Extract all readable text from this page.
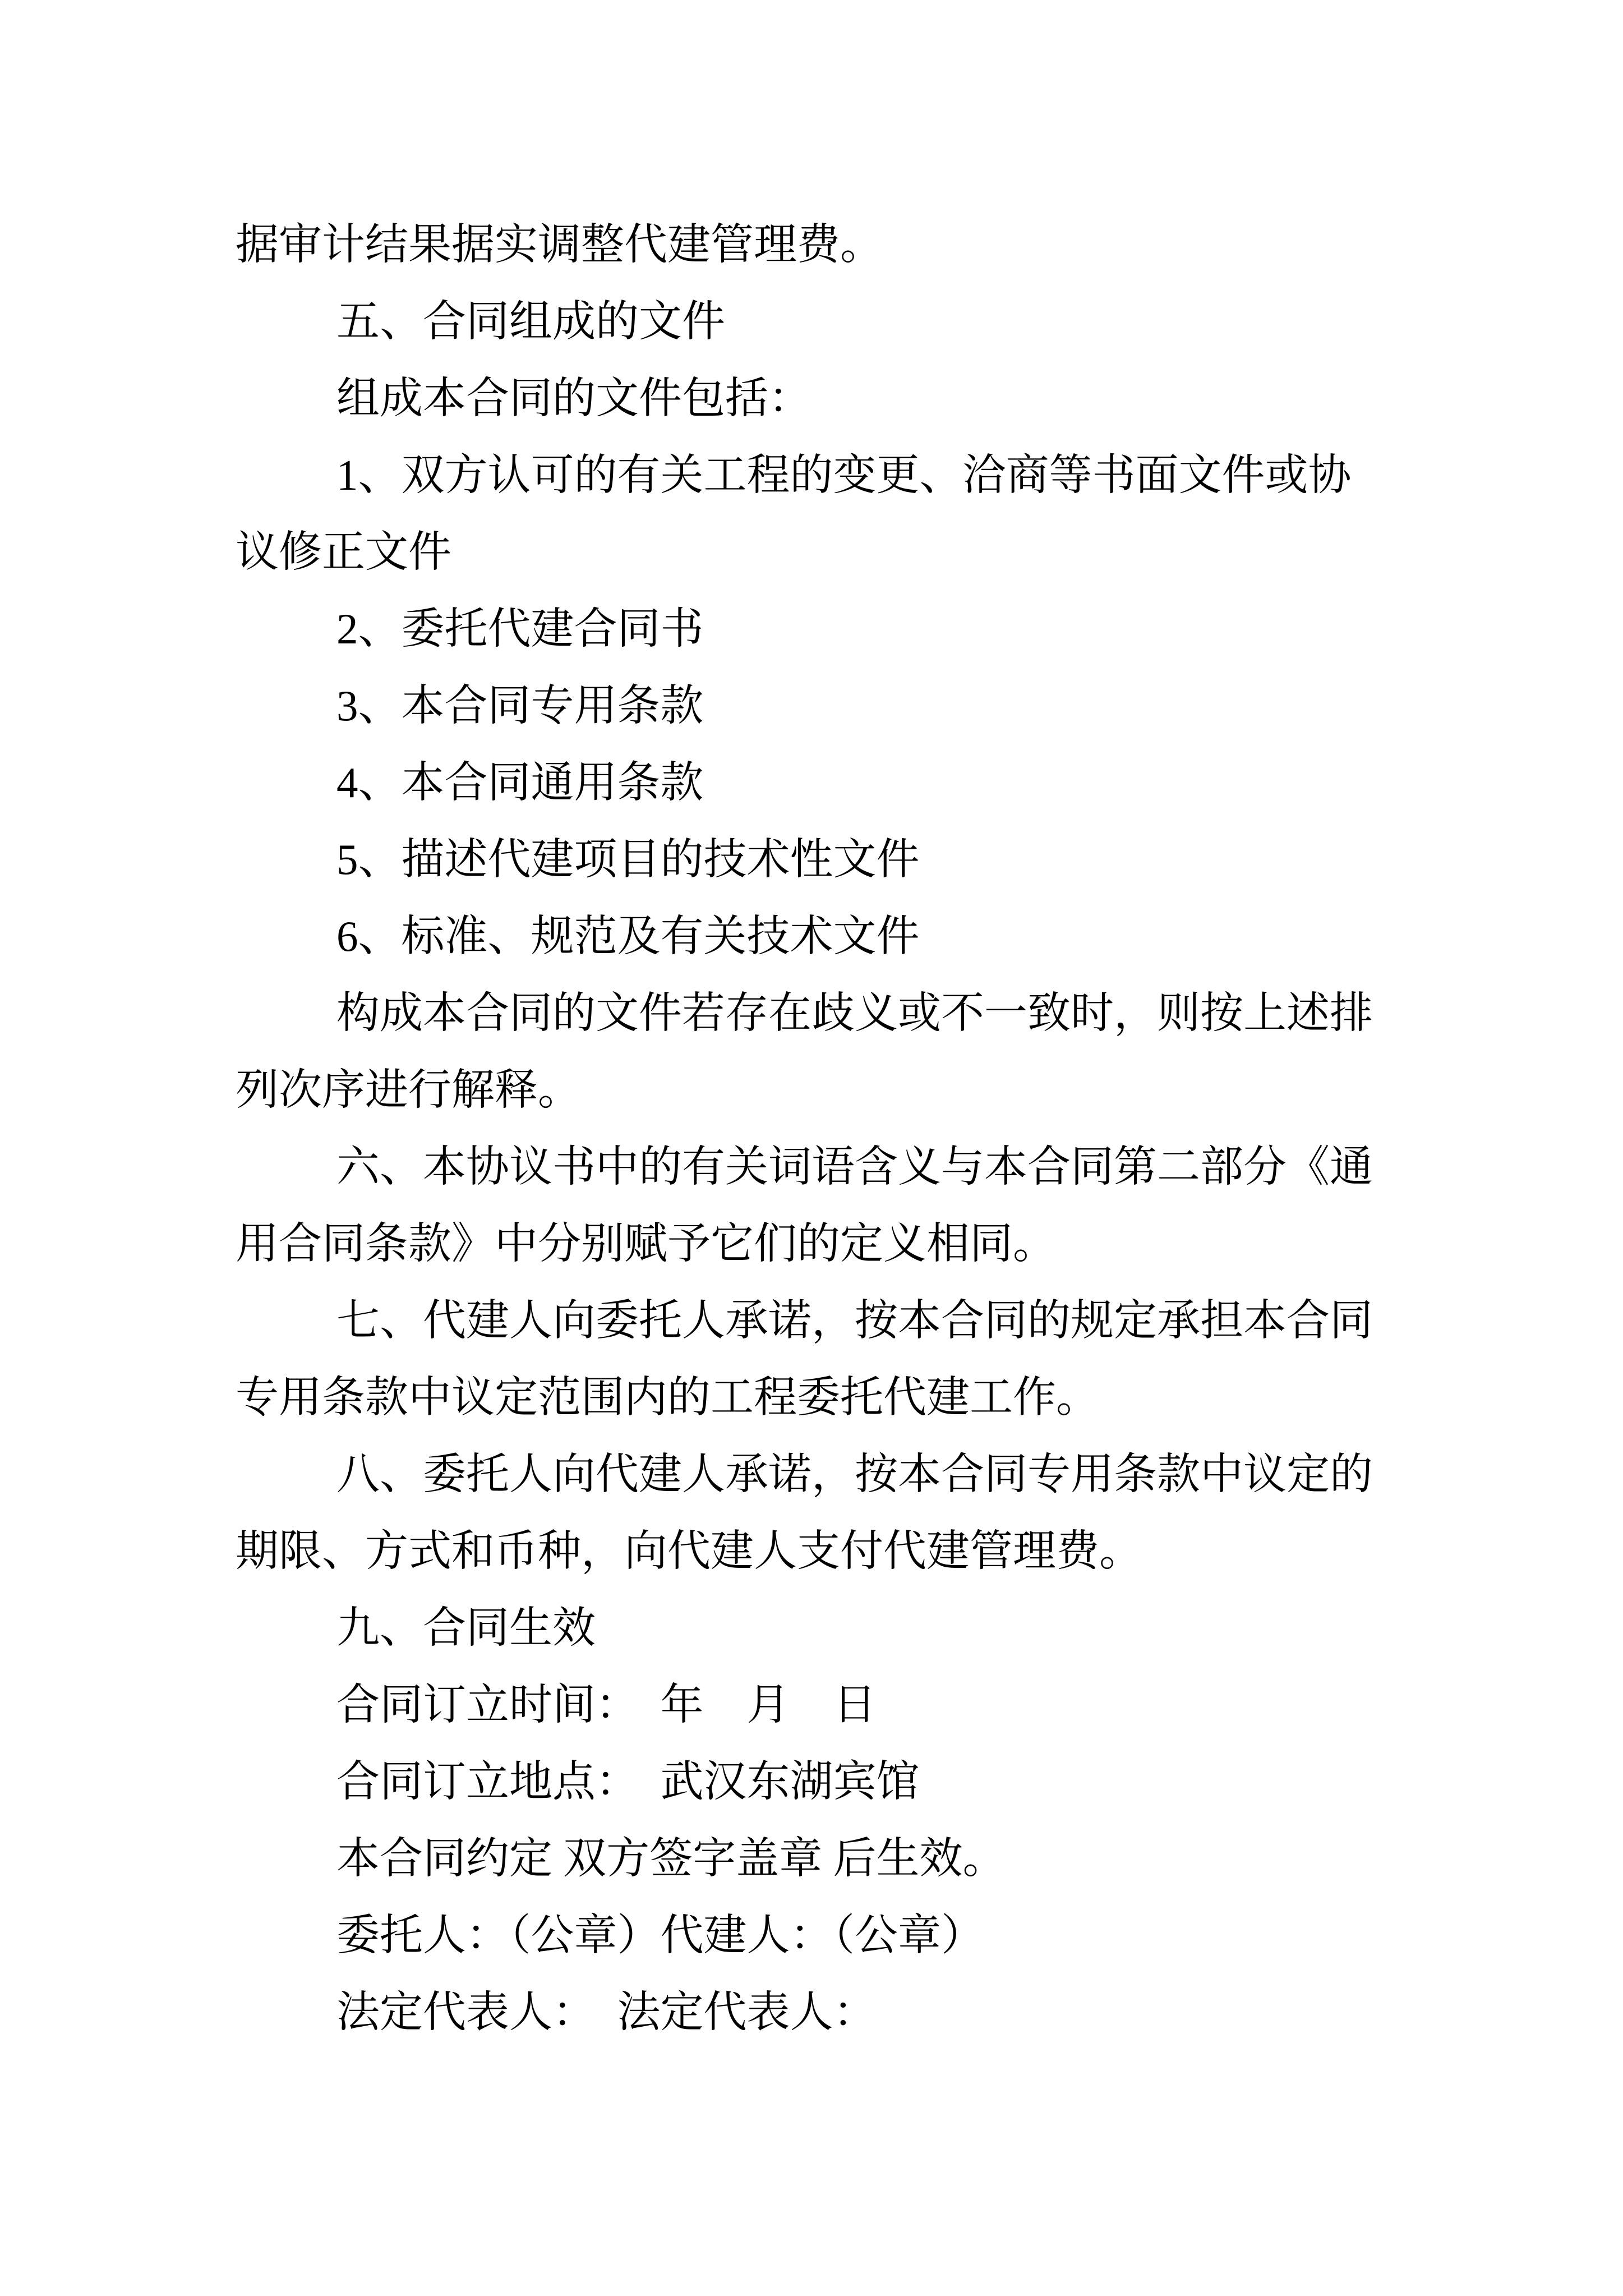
据审计结果据实调整代建管理费。
五、合同组成的文件
组成本合同的文件包括：
1、双方认可的有关工程的变更、洽商等书面文件或协
议修正文件
2、委托代建合同书
3、本合同专用条款
4、本合同通用条款
5、描述代建项目的技术性文件
6、标准、规范及有关技术文件
构成本合同的文件若存在歧义或不一致时，则按上述排
列次序进行解释。
六、本协议书中的有关词语含义与本合同第二部分《通
用合同条款》中分别赋予它们的定义相同。
七、代建人向委托人承诺，按本合同的规定承担本合同
专用条款中议定范围内的工程委托代建工作。
八、委托人向代建人承诺，按本合同专用条款中议定的
期限、方式和币种，向代建人支付代建管理费。
九、合同生效
合同订立时间：　年　月　日
合同订立地点：　武汉东湖宾馆
本合同约定 双方签字盖章 后生效。
委托人：（公章）代建人：（公章）
法定代表人：　法定代表人：
